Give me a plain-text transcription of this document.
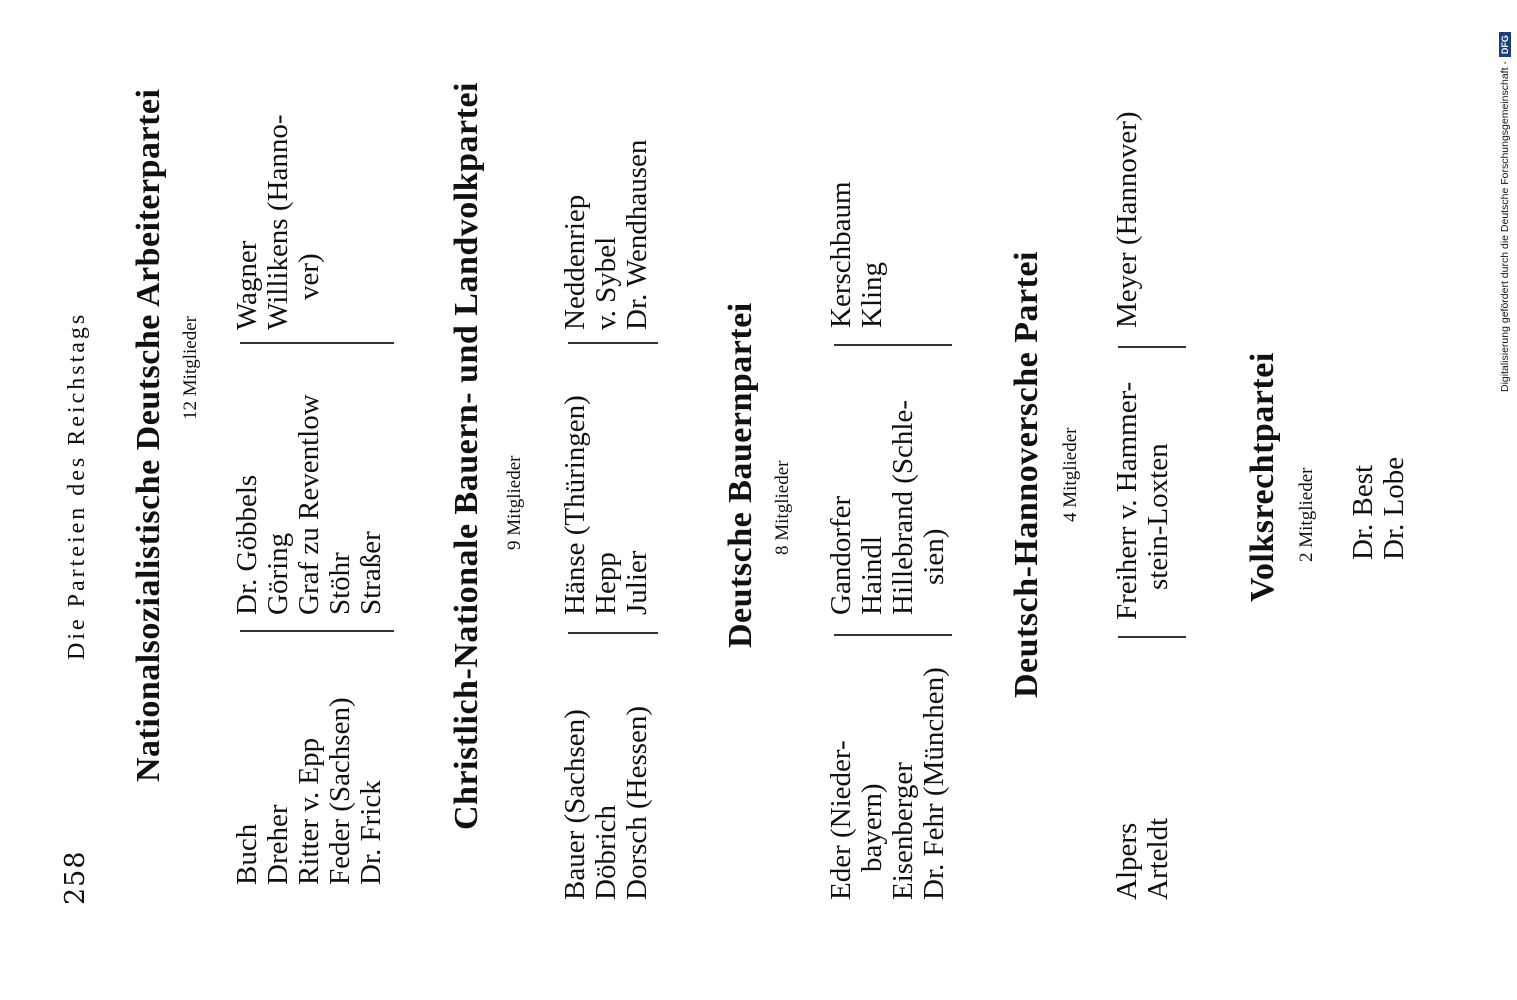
258
Die Parteien des Reichstags Nationalsozialistische Deutsche Arbeiterpartei 12 Mitglieder
Buch Dreher Ritter v. Epp Feder (Sachsen) Dr. Frick
Dr. Göbbels Göring Graf zu Reventlow Stöhr Straßer
Wagner Willikens (Hanno- ver)	Christlich-Nationale Bauern- und Landvolkpartei 9 Mitglieder
Bauer (Sachsen) Döbrich Dorsch (Hessen)
Hänse (Thüringen) Hepp Julier
Neddenriep v. Sybel Dr. Wendhausen
Deutsche Bauernpartei 8 Mitglieder
Eder (Nieder- bayern) Eisenberger Dr. Fehr (München)
Gandorfer Haindl Hillebrand (Schle- sien)
Kerschbaum Kling	Deutsch-Hannoversche Partei 4 Mitglieder
Alpers Arteldt
Freiherr v. Hammer- stein-Loxten
Meyer (Hannover)
Volksrechtpartei 2 Mitglieder Dr. Best Dr. Lobe
Digitalisierung gefördert durch die Deutsche Forschungsgemeinschaft -DFG
